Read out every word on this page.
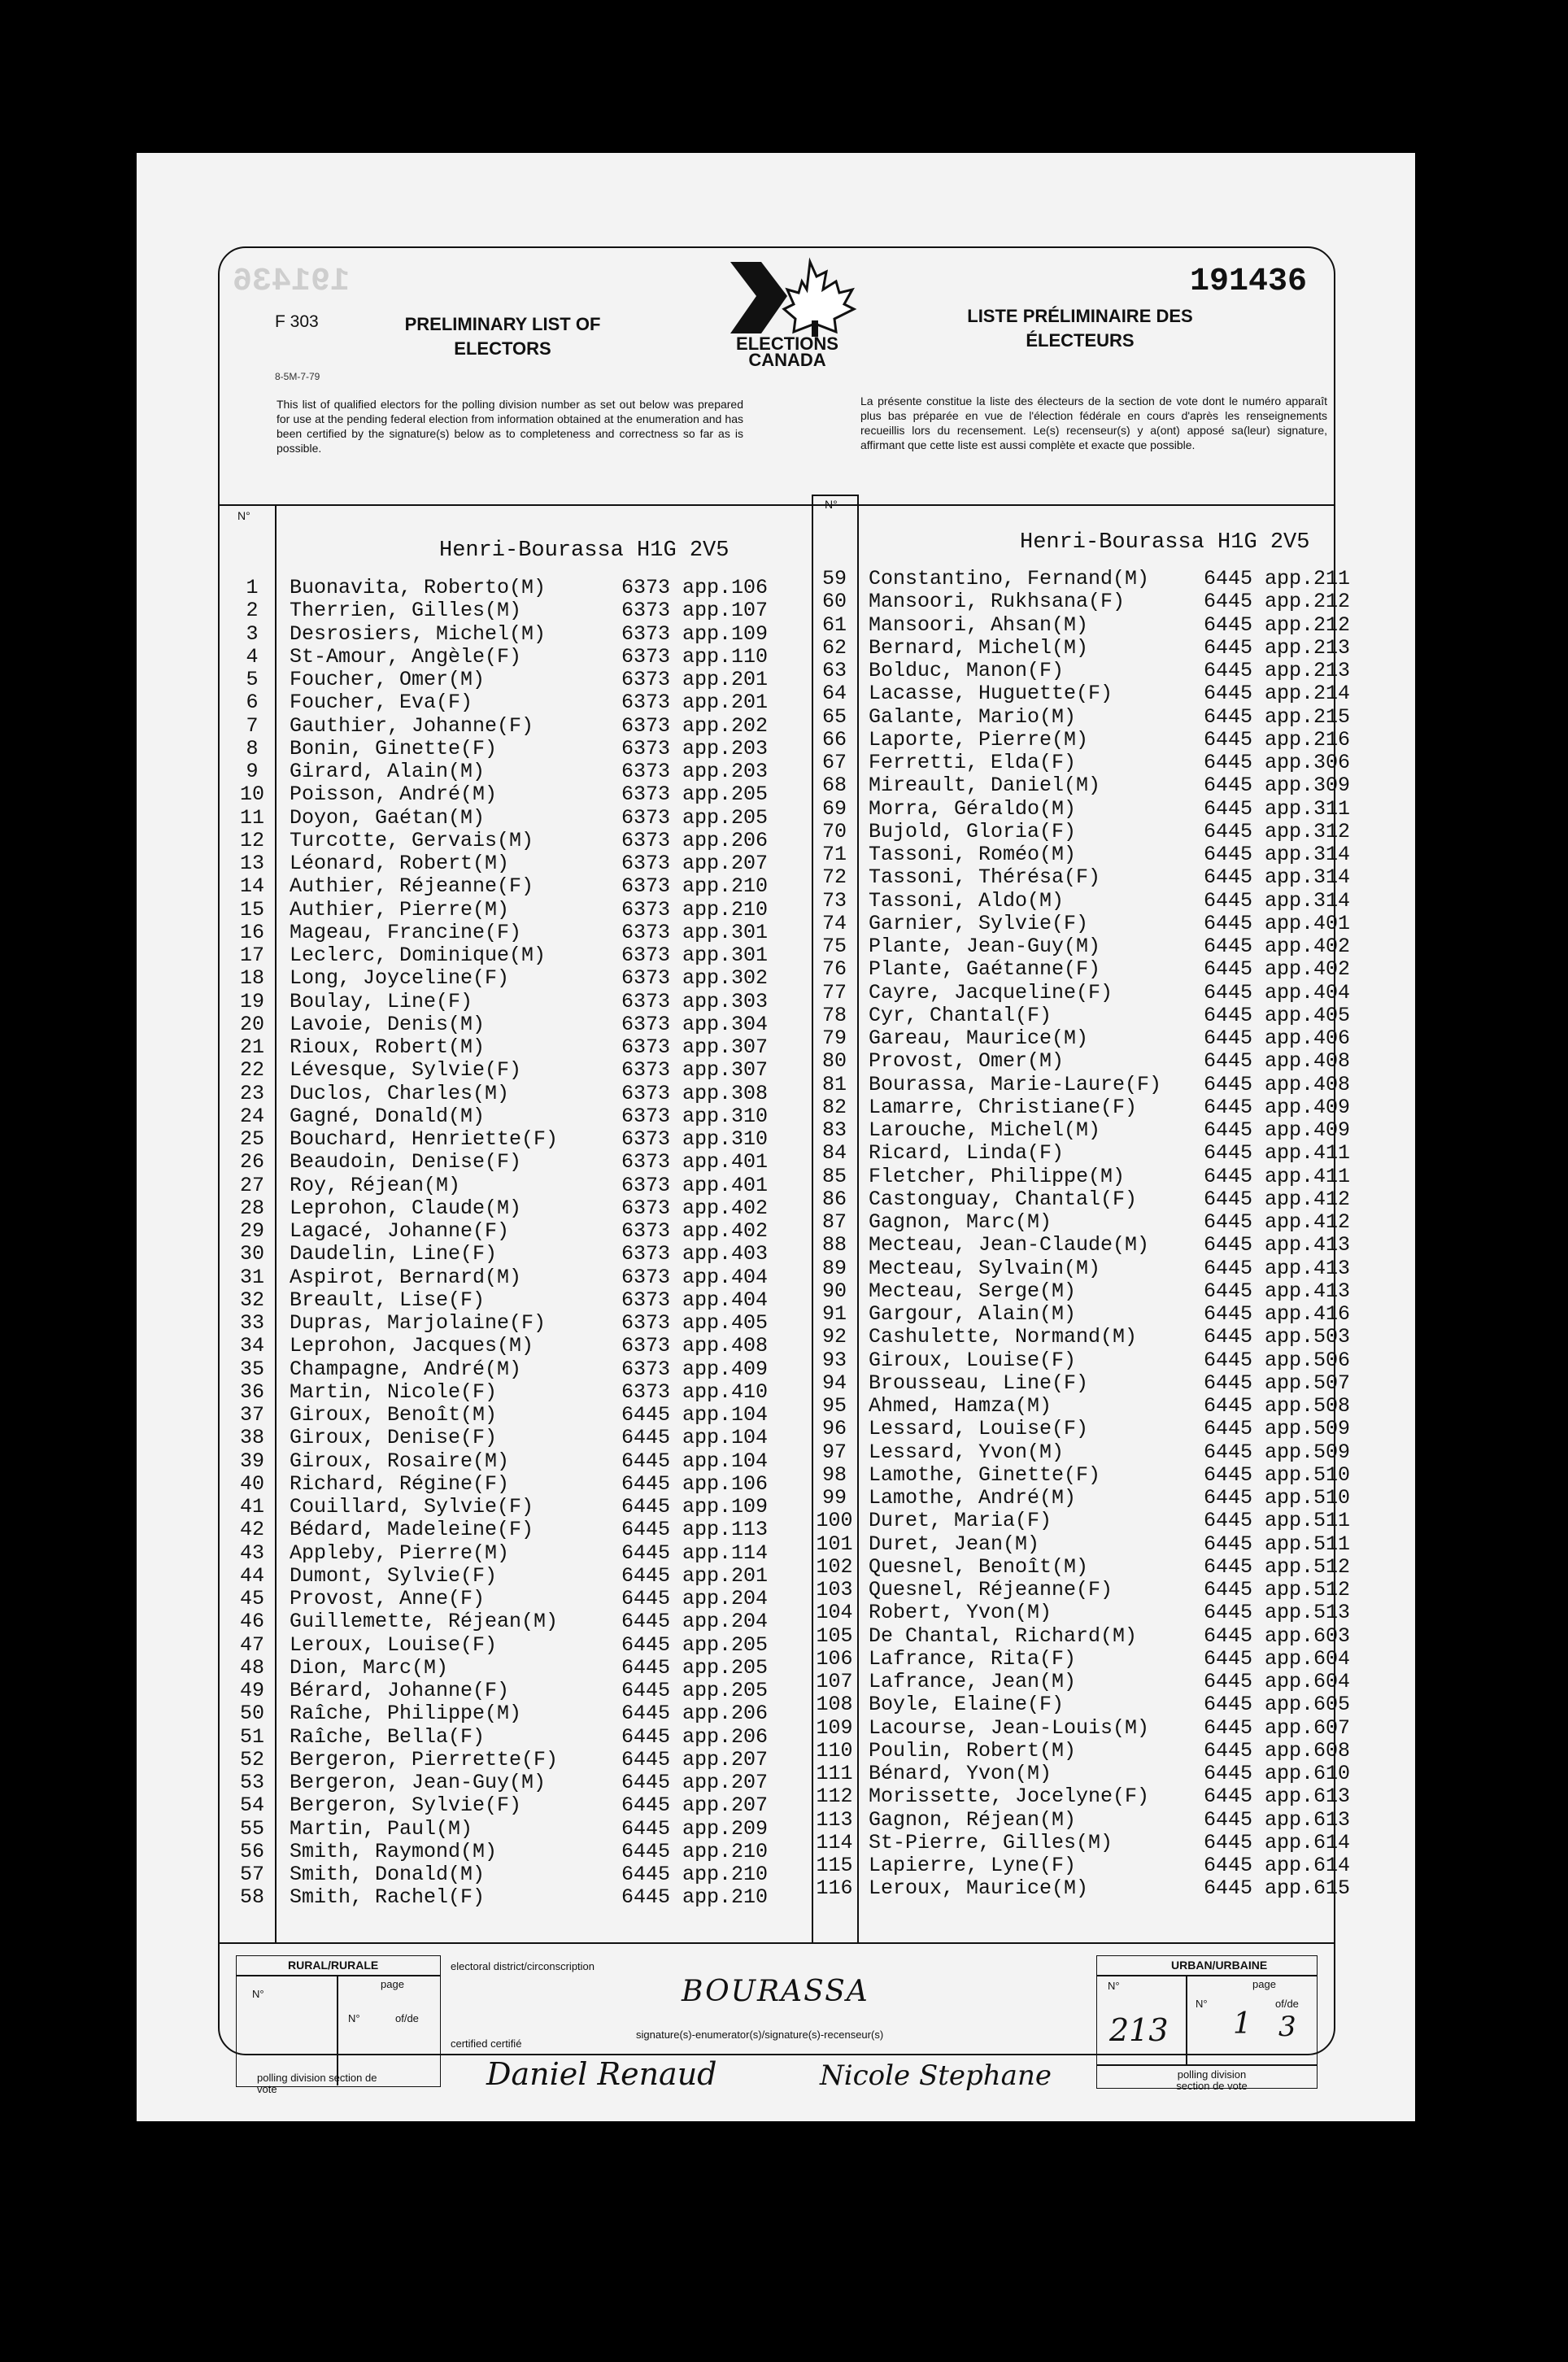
191436	191436
F 303
8-5M-7-79
PRELIMINARY LIST OF ELECTORS
LISTE PRÉLIMINAIRE DES ÉLECTEURS
ELECTIONS
CANADA
This list of qualified electors for the polling division number as set out below was prepared for use at the pending federal election from information obtained at the enumeration and has been certified by the signature(s) below as to completeness and correctness so far as is possible.
La présente constitue la liste des électeurs de la section de vote dont le numéro apparaît plus bas préparée en vue de l'élection fédérale en cours d'après les renseignements recueillis lors du recensement. Le(s) recenseur(s) y a(ont) apposé sa(leur) signature, affirmant que cette liste est aussi complète et exacte que possible.
N°
N°
Henri-Bourassa H1G 2V5	Henri-Bourassa H1G 2V5
1	Buonavita, Roberto(M)	6373 app.106
2	Therrien, Gilles(M)	6373 app.107
3	Desrosiers, Michel(M)	6373 app.109
4	St-Amour, Angèle(F)	6373 app.110
5	Foucher, Omer(M)	6373 app.201
6	Foucher, Eva(F)	6373 app.201
7	Gauthier, Johanne(F)	6373 app.202
8	Bonin, Ginette(F)	6373 app.203
9	Girard, Alain(M)	6373 app.203
10	Poisson, André(M)	6373 app.205
11	Doyon, Gaétan(M)	6373 app.205
12	Turcotte, Gervais(M)	6373 app.206
13	Léonard, Robert(M)	6373 app.207
14	Authier, Réjeanne(F)	6373 app.210
15	Authier, Pierre(M)	6373 app.210
16	Mageau, Francine(F)	6373 app.301
17	Leclerc, Dominique(M)	6373 app.301
18	Long, Joyceline(F)	6373 app.302
19	Boulay, Line(F)	6373 app.303
20	Lavoie, Denis(M)	6373 app.304
21	Rioux, Robert(M)	6373 app.307
22	Lévesque, Sylvie(F)	6373 app.307
23	Duclos, Charles(M)	6373 app.308
24	Gagné, Donald(M)	6373 app.310
25	Bouchard, Henriette(F)	6373 app.310
26	Beaudoin, Denise(F)	6373 app.401
27	Roy, Réjean(M)	6373 app.401
28	Leprohon, Claude(M)	6373 app.402
29	Lagacé, Johanne(F)	6373 app.402
30	Daudelin, Line(F)	6373 app.403
31	Aspirot, Bernard(M)	6373 app.404
32	Breault, Lise(F)	6373 app.404
33	Dupras, Marjolaine(F)	6373 app.405
34	Leprohon, Jacques(M)	6373 app.408
35	Champagne, André(M)	6373 app.409
36	Martin, Nicole(F)	6373 app.410
37	Giroux, Benoît(M)	6445 app.104
38	Giroux, Denise(F)	6445 app.104
39	Giroux, Rosaire(M)	6445 app.104
40	Richard, Régine(F)	6445 app.106
41	Couillard, Sylvie(F)	6445 app.109
42	Bédard, Madeleine(F)	6445 app.113
43	Appleby, Pierre(M)	6445 app.114
44	Dumont, Sylvie(F)	6445 app.201
45	Provost, Anne(F)	6445 app.204
46	Guillemette, Réjean(M)	6445 app.204
47	Leroux, Louise(F)	6445 app.205
48	Dion, Marc(M)	6445 app.205
49	Bérard, Johanne(F)	6445 app.205
50	Raîche, Philippe(M)	6445 app.206
51	Raîche, Bella(F)	6445 app.206
52	Bergeron, Pierrette(F)	6445 app.207
53	Bergeron, Jean-Guy(M)	6445 app.207
54	Bergeron, Sylvie(F)	6445 app.207
55	Martin, Paul(M)	6445 app.209
56	Smith, Raymond(M)	6445 app.210
57	Smith, Donald(M)	6445 app.210
58	Smith, Rachel(F)	6445 app.210
59	Constantino, Fernand(M)	6445 app.211
60	Mansoori, Rukhsana(F)	6445 app.212
61	Mansoori, Ahsan(M)	6445 app.212
62	Bernard, Michel(M)	6445 app.213
63	Bolduc, Manon(F)	6445 app.213
64	Lacasse, Huguette(F)	6445 app.214
65	Galante, Mario(M)	6445 app.215
66	Laporte, Pierre(M)	6445 app.216
67	Ferretti, Elda(F)	6445 app.306
68	Mireault, Daniel(M)	6445 app.309
69	Morra, Géraldo(M)	6445 app.311
70	Bujold, Gloria(F)	6445 app.312
71	Tassoni, Roméo(M)	6445 app.314
72	Tassoni, Thérésa(F)	6445 app.314
73	Tassoni, Aldo(M)	6445 app.314
74	Garnier, Sylvie(F)	6445 app.401
75	Plante, Jean-Guy(M)	6445 app.402
76	Plante, Gaétanne(F)	6445 app.402
77	Cayre, Jacqueline(F)	6445 app.404
78	Cyr, Chantal(F)	6445 app.405
79	Gareau, Maurice(M)	6445 app.406
80	Provost, Omer(M)	6445 app.408
81	Bourassa, Marie-Laure(F) 6445 app.408
82	Lamarre, Christiane(F)	6445 app.409
83	Larouche, Michel(M)	6445 app.409
84	Ricard, Linda(F)	6445 app.411
85	Fletcher, Philippe(M)	6445 app.411
86	Castonguay, Chantal(F)	6445 app.412
87	Gagnon, Marc(M)	6445 app.412
88	Mecteau, Jean-Claude(M)	6445 app.413
89	Mecteau, Sylvain(M)	6445 app.413
90	Mecteau, Serge(M)	6445 app.413
91	Gargour, Alain(M)	6445 app.416
92	Cashulette, Normand(M)	6445 app.503
93	Giroux, Louise(F)	6445 app.506
94	Brousseau, Line(F)	6445 app.507
95	Ahmed, Hamza(M)	6445 app.508
96	Lessard, Louise(F)	6445 app.509
97	Lessard, Yvon(M)	6445 app.509
98	Lamothe, Ginette(F)	6445 app.510
99	Lamothe, André(M)	6445 app.510
100 Duret, Maria(F)	6445 app.511
101 Duret, Jean(M)	6445 app.511
102 Quesnel, Benoît(M)	6445 app.512
103 Quesnel, Réjeanne(F)	6445 app.512
104 Robert, Yvon(M)	6445 app.513
105 De Chantal, Richard(M)	6445 app.603
106 Lafrance, Rita(F)	6445 app.604
107 Lafrance, Jean(M)	6445 app.604
108 Boyle, Elaine(F)	6445 app.605
109 Lacourse, Jean-Louis(M)	6445 app.607
110 Poulin, Robert(M)	6445 app.608
111 Bénard, Yvon(M)	6445 app.610
112 Morissette, Jocelyne(F)	6445 app.613
113 Gagnon, Réjean(M)	6445 app.613
114 St-Pierre, Gilles(M)	6445 app.614
115 Lapierre, Lyne(F)	6445 app.614
116 Leroux, Maurice(M)	6445 app.615
RURAL/RURALE
N°
page
N°	of/de
polling division section de vote
electoral district/circonscription
BOURASSA
certified certifié
signature(s)-enumerator(s)/signature(s)-recenseur(s)
Daniel Renaud	Nicole Stephane
URBAN/URBAINE
N°	page
N°	of/de
213 1 3
polling division section de vote
